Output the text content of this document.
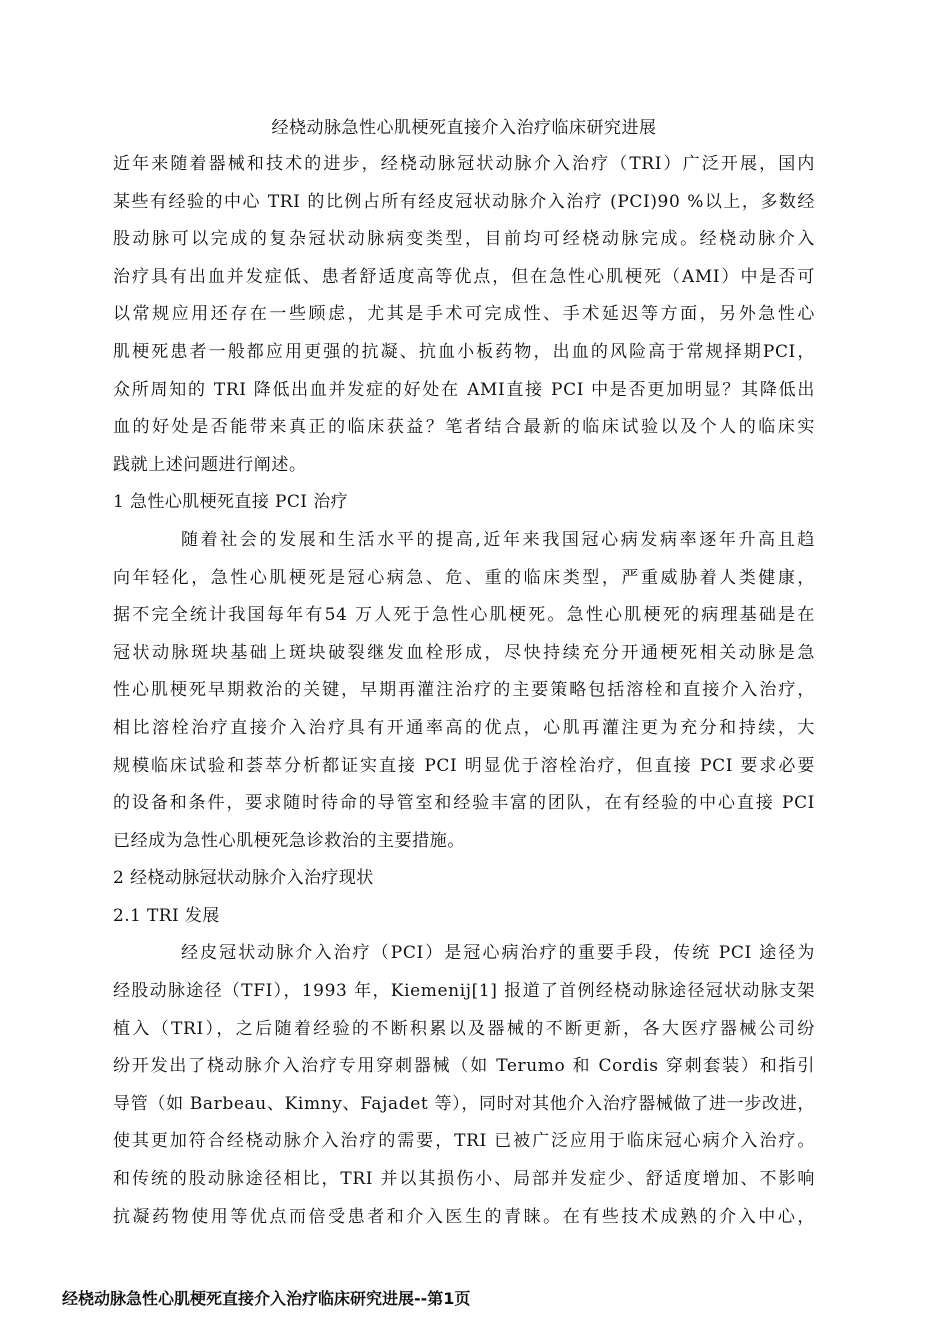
经桡动脉急性心肌梗死直接介入治疗临床研究进展

近年来随着器械和技术的进步，经桡动脉冠状动脉介入治疗（TRI）广泛开展，国内

某些有经验的中心 TRI 的比例占所有经皮冠状动脉介入治疗 (PCI)90 %以上，多数经

股动脉可以完成的复杂冠状动脉病变类型，目前均可经桡动脉完成。经桡动脉介入

治疗具有出血并发症低、患者舒适度高等优点，但在急性心肌梗死（AMI）中是否可

以常规应用还存在一些顾虑，尤其是手术可完成性、手术延迟等方面，另外急性心

肌梗死患者一般都应用更强的抗凝、抗血小板药物，出血的风险高于常规择期PCI，

众所周知的 TRI 降低出血并发症的好处在 AMI直接 PCI 中是否更加明显？其降低出

血的好处是否能带来真正的临床获益？笔者结合最新的临床试验以及个人的临床实

践就上述问题进行阐述。

1 急性心肌梗死直接 PCI 治疗

随着社会的发展和生活水平的提高,近年来我国冠心病发病率逐年升高且趋

向年轻化，急性心肌梗死是冠心病急、危、重的临床类型，严重威胁着人类健康，

据不完全统计我国每年有54 万人死于急性心肌梗死。急性心肌梗死的病理基础是在

冠状动脉斑块基础上斑块破裂继发血栓形成，尽快持续充分开通梗死相关动脉是急

性心肌梗死早期救治的关键，早期再灌注治疗的主要策略包括溶栓和直接介入治疗，

相比溶栓治疗直接介入治疗具有开通率高的优点，心肌再灌注更为充分和持续，大

规模临床试验和荟萃分析都证实直接 PCI 明显优于溶栓治疗，但直接 PCI 要求必要

的设备和条件，要求随时待命的导管室和经验丰富的团队，在有经验的中心直接 PCI

已经成为急性心肌梗死急诊救治的主要措施。

2 经桡动脉冠状动脉介入治疗现状

2.1 TRI 发展

经皮冠状动脉介入治疗（PCI）是冠心病治疗的重要手段，传统 PCI 途径为

经股动脉途径（TFI），1993 年，Kiemenij[1] 报道了首例经桡动脉途径冠状动脉支架

植入（TRI），之后随着经验的不断积累以及器械的不断更新，各大医疗器械公司纷

纷开发出了桡动脉介入治疗专用穿刺器械（如 Terumo 和 Cordis 穿刺套装）和指引

导管（如 Barbeau、Kimny、Fajadet 等），同时对其他介入治疗器械做了进一步改进，

使其更加符合经桡动脉介入治疗的需要，TRI 已被广泛应用于临床冠心病介入治疗。

和传统的股动脉途径相比，TRI 并以其损伤小、局部并发症少、舒适度增加、不影响

抗凝药物使用等优点而倍受患者和介入医生的青睐。在有些技术成熟的介入中心，

经桡动脉急性心肌梗死直接介入治疗临床研究进展--第1页
